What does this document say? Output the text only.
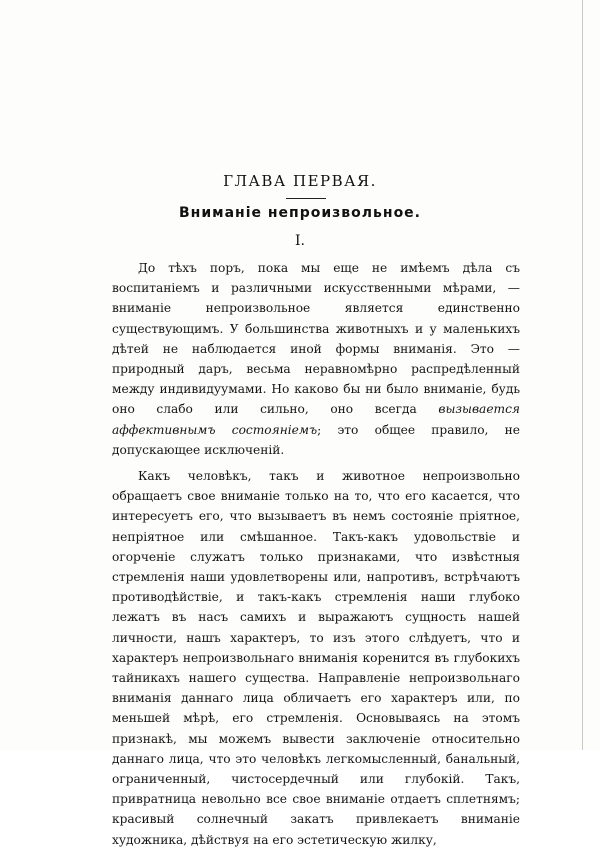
ГЛАВА ПЕРВАЯ.
Вниманіе непроизвольное.
I.

До тѣхъ поръ, пока мы еще не имѣемъ дѣла съ воспитаніемъ и различными искусственными мѣрами, — вниманіе непроизвольное является единственно существующимъ. У большинства животныхъ и у маленькихъ дѣтей не наблюдается иной формы вниманія. Это — природный даръ, весьма неравномѣрно распредѣленный между индивидуумами. Но каково бы ни было вниманіе, будь оно слабо или сильно, оно всегда вызывается аффективнымъ состояніемъ; это общее правило, не допускающее исключеній.

Какъ человѣкъ, такъ и животное непроизвольно обращаетъ свое вниманіе только на то, что его касается, что интересуетъ его, что вызываетъ въ немъ состояніе пріятное, непріятное или смѣшанное. Такъ-какъ удовольствіе и огорченіе служатъ только признаками, что извѣстныя стремленія наши удовлетворены или, напротивъ, встрѣчаютъ противодѣйствіе, и такъ-какъ стремленія наши глубоко лежатъ въ насъ самихъ и выражаютъ сущность нашей личности, нашъ характеръ, то изъ этого слѣдуетъ, что и характеръ непроизвольнаго вниманія коренится въ глубокихъ тайникахъ нашего существа. Направленіе непроизвольнаго вниманія даннаго лица обличаетъ его характеръ или, по меньшей мѣрѣ, его стремленія. Основываясь на этомъ признакѣ, мы можемъ вывести заключеніе относительно даннаго лица, что это человѣкъ легкомысленный, банальный, ограниченный, чистосердечный или глубокій. Такъ, привратница невольно все свое вниманіе отдаетъ сплетнямъ; красивый солнечный закатъ привлекаетъ вниманіе художника, дѣйствуя на его эстетическую жилку,
